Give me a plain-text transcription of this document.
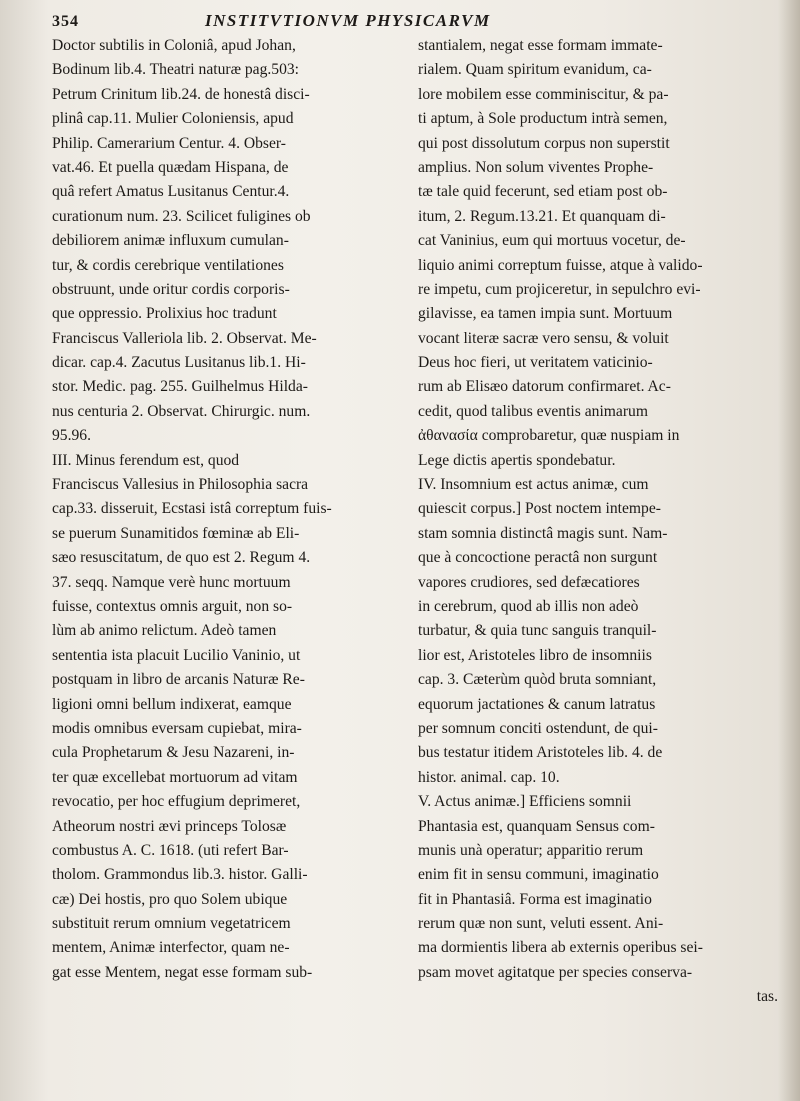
354	INSTITVTIONVM PHYSICARVM
Doctor subtilis in Coloniâ, apud Johan,
Bodinum lib.4. Theatri naturæ pag.503:
Petrum Crinitum lib.24. de honestâ disci-
plinâ cap.11. Mulier Coloniensis, apud
Philip. Camerarium Centur. 4. Obser-
vat.46. Et puella quædam Hispana, de
quâ refert Amatus Lusitanus Centur.4.
curationum num. 23. Scilicet fuligines ob
debiliorem animæ influxum cumulan-
tur, & cordis cerebrique ventilationes
obstruunt, unde oritur cordis corporis-
que oppressio. Prolixius hoc tradunt
Franciscus Valleriola lib. 2. Observat. Me-
dicar. cap.4. Zacutus Lusitanus lib.1. Hi-
stor. Medic. pag. 255. Guilhelmus Hilda-
nus centuria 2. Observat. Chirurgic. num.
95.96.
III. Minus ferendum est, quod
Franciscus Vallesius in Philosophia sacra
cap.33. disseruit, Ecstasi istâ correptum fuis-
se puerum Sunamitidos fœminæ ab Eli-
sæo resuscitatum, de quo est 2. Regum 4.
37. seqq. Namque verè hunc mortuum
fuisse, contextus omnis arguit, non so-
lùm ab animo relictum. Adeò tamen
sententia ista placuit Lucilio Vaninio, ut
postquam in libro de arcanis Naturæ Re-
ligioni omni bellum indixerat, eamque
modis omnibus eversam cupiebat, mira-
cula Prophetarum & Jesu Nazareni, in-
ter quæ excellebat mortuorum ad vitam
revocatio, per hoc effugium deprimeret,
Atheorum nostri ævi princeps Tolosæ
combustus A. C. 1618. (uti refert Bar-
tholom. Grammondus lib.3. histor. Galli-
cæ) Dei hostis, pro quo Solem ubique
substituit rerum omnium vegetatricem
mentem, Animæ interfector, quam ne-
gat esse Mentem, negat esse formam sub-
stantialem, negat esse formam immate-
rialem. Quam spiritum evanidum, ca-
lore mobilem esse comminiscitur, & pa-
ti aptum, à Sole productum intrà semen,
qui post dissolutum corpus non superstit
amplius. Non solum viventes Prophe-
tæ tale quid fecerunt, sed etiam post ob-
itum, 2. Regum.13.21. Et quanquam di-
cat Vaninius, eum qui mortuus vocetur, de-
liquio animi correptum fuisse, atque à valido-
re impetu, cum projiceretur, in sepulchro evi-
gilavisse, ea tamen impia sunt. Mortuum
vocant literæ sacræ vero sensu, & voluit
Deus hoc fieri, ut veritatem vaticinio-
rum ab Elisæo datorum confirmaret. Ac-
cedit, quod talibus eventis animarum
ἀθανασία comprobaretur, quæ nuspiam in
Lege dictis apertis spondebatur.
IV. Insomnium est actus animæ, cum
quiescit corpus.] Post noctem intempe-
stam somnia distinctâ magis sunt. Nam-
que à concoctione peractâ non surgunt
vapores crudiores, sed defæcatiores
in cerebrum, quod ab illis non adeò
turbatur, & quia tunc sanguis tranquil-
lior est, Aristoteles libro de insomniis
cap. 3. Cæterùm quòd bruta somniant,
equorum jactationes & canum latratus
per somnum conciti ostendunt, de qui-
bus testatur itidem Aristoteles lib. 4. de
histor. animal. cap. 10.
V. Actus animæ.] Efficiens somnii
Phantasia est, quanquam Sensus com-
munis unà operatur; apparitio rerum
enim fit in sensu communi, imaginatio
fit in Phantasiâ. Forma est imaginatio
rerum quæ non sunt, veluti essent. Ani-
ma dormientis libera ab externis operibus sei-
psam movet agitatque per species conserva-
tas.
